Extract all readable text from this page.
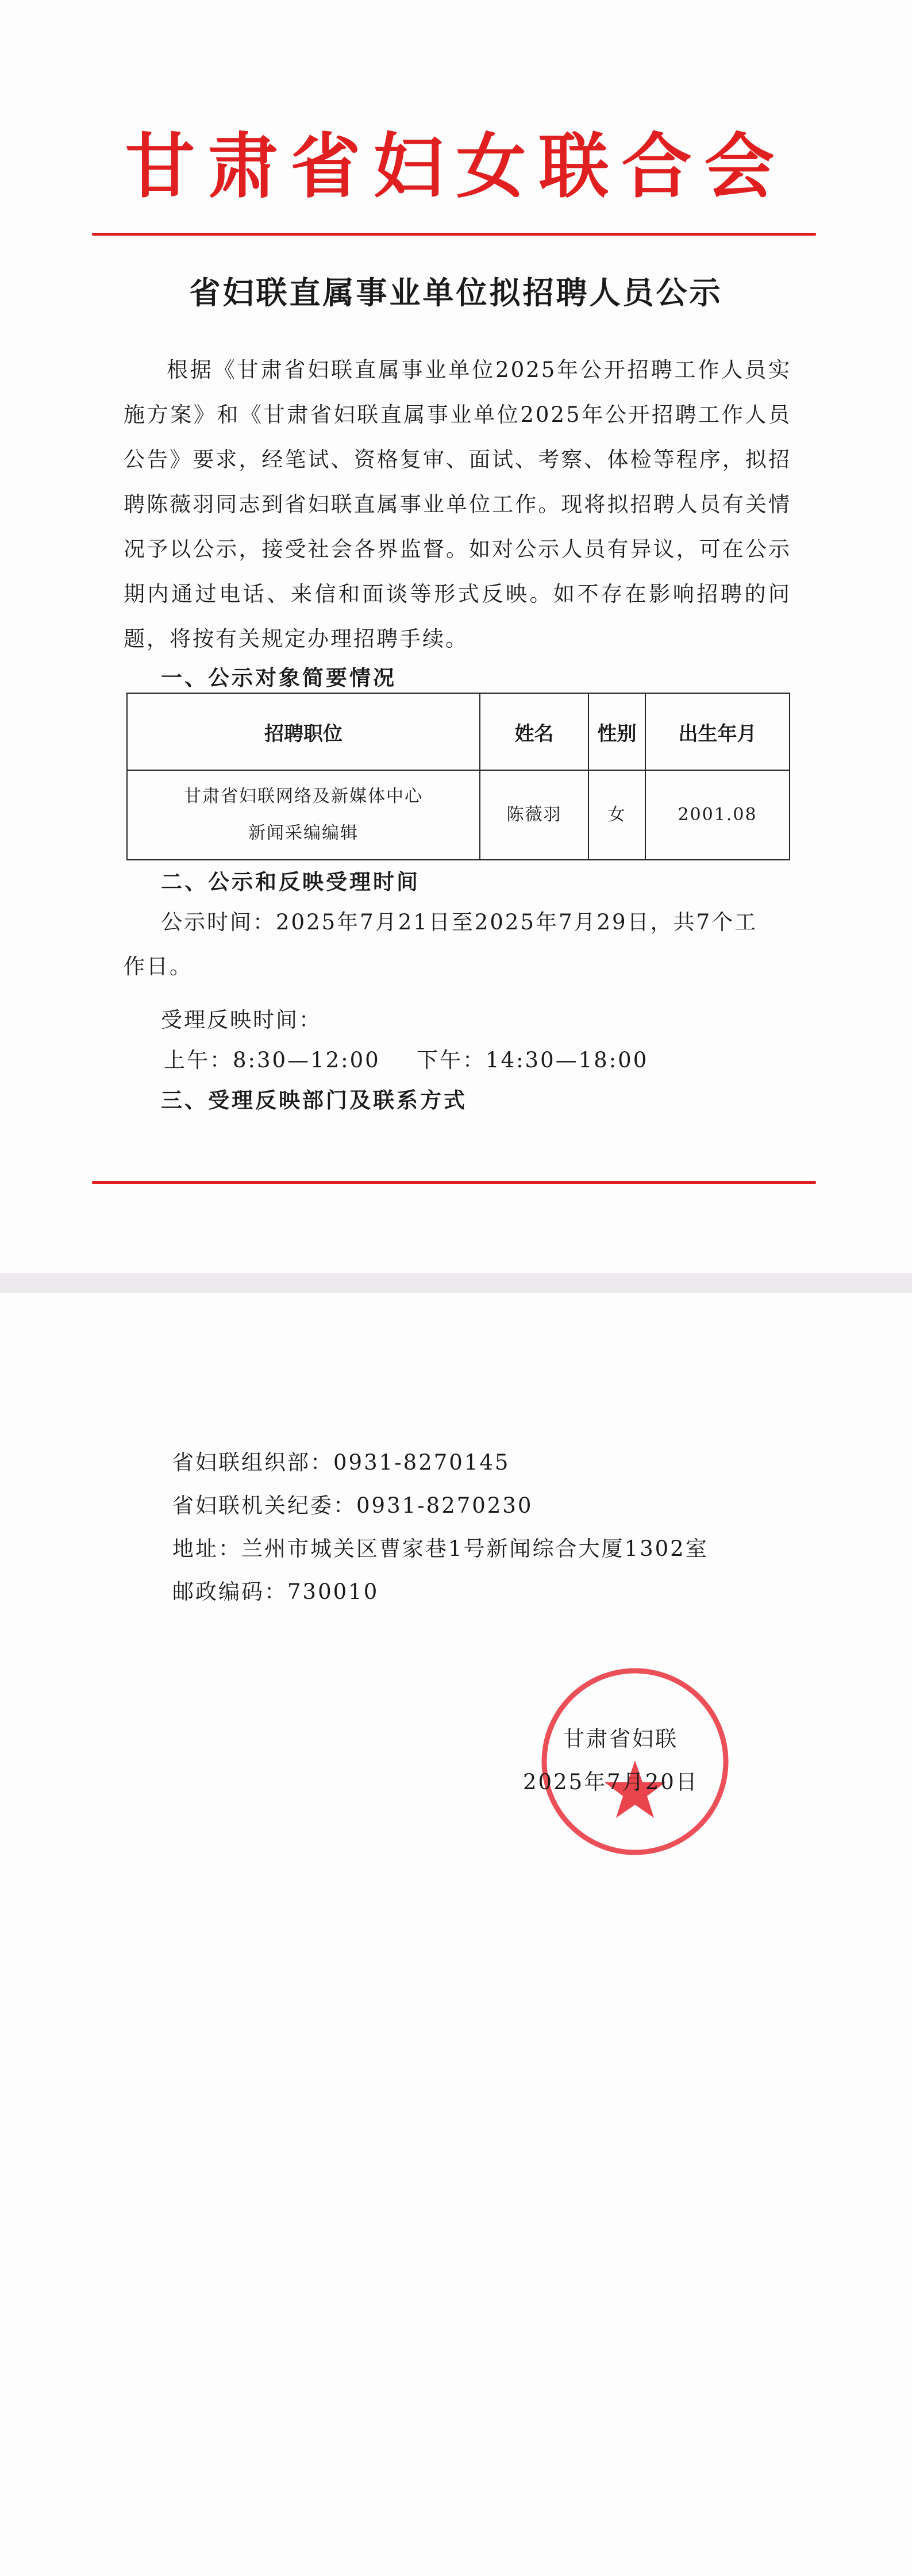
甘肃省妇女联合会
省妇联直属事业单位拟招聘人员公示

根据《甘肃省妇联直属事业单位2025年公开招聘工作人员实施方案》和《甘肃省妇联直属事业单位2025年公开招聘工作人员公告》要求，经笔试、资格复审、面试、考察、体检等程序，拟招聘陈薇羽同志到省妇联直属事业单位工作。现将拟招聘人员有关情况予以公示，接受社会各界监督。如对公示人员有异议，可在公示期内通过电话、来信和面谈等形式反映。如不存在影响招聘的问题，将按有关规定办理招聘手续。

一、公示对象简要情况
招聘职位	姓名	性别	出生年月

甘肃省妇联网络及新媒体中心
新闻采编编辑	陈薇羽	女	2001.08
二、公示和反映受理时间
公示时间：2025年7月21日至2025年7月29日，共7个工
作日。
受理反映时间：
上午：8:30—12:00 下午：14:30—18:00
三、受理反映部门及联系方式
省妇联组织部：0931-8270145
省妇联机关纪委：0931-8270230
地址：兰州市城关区曹家巷1号新闻综合大厦1302室
邮政编码：730010
甘肃省妇联
2025年7月20日
